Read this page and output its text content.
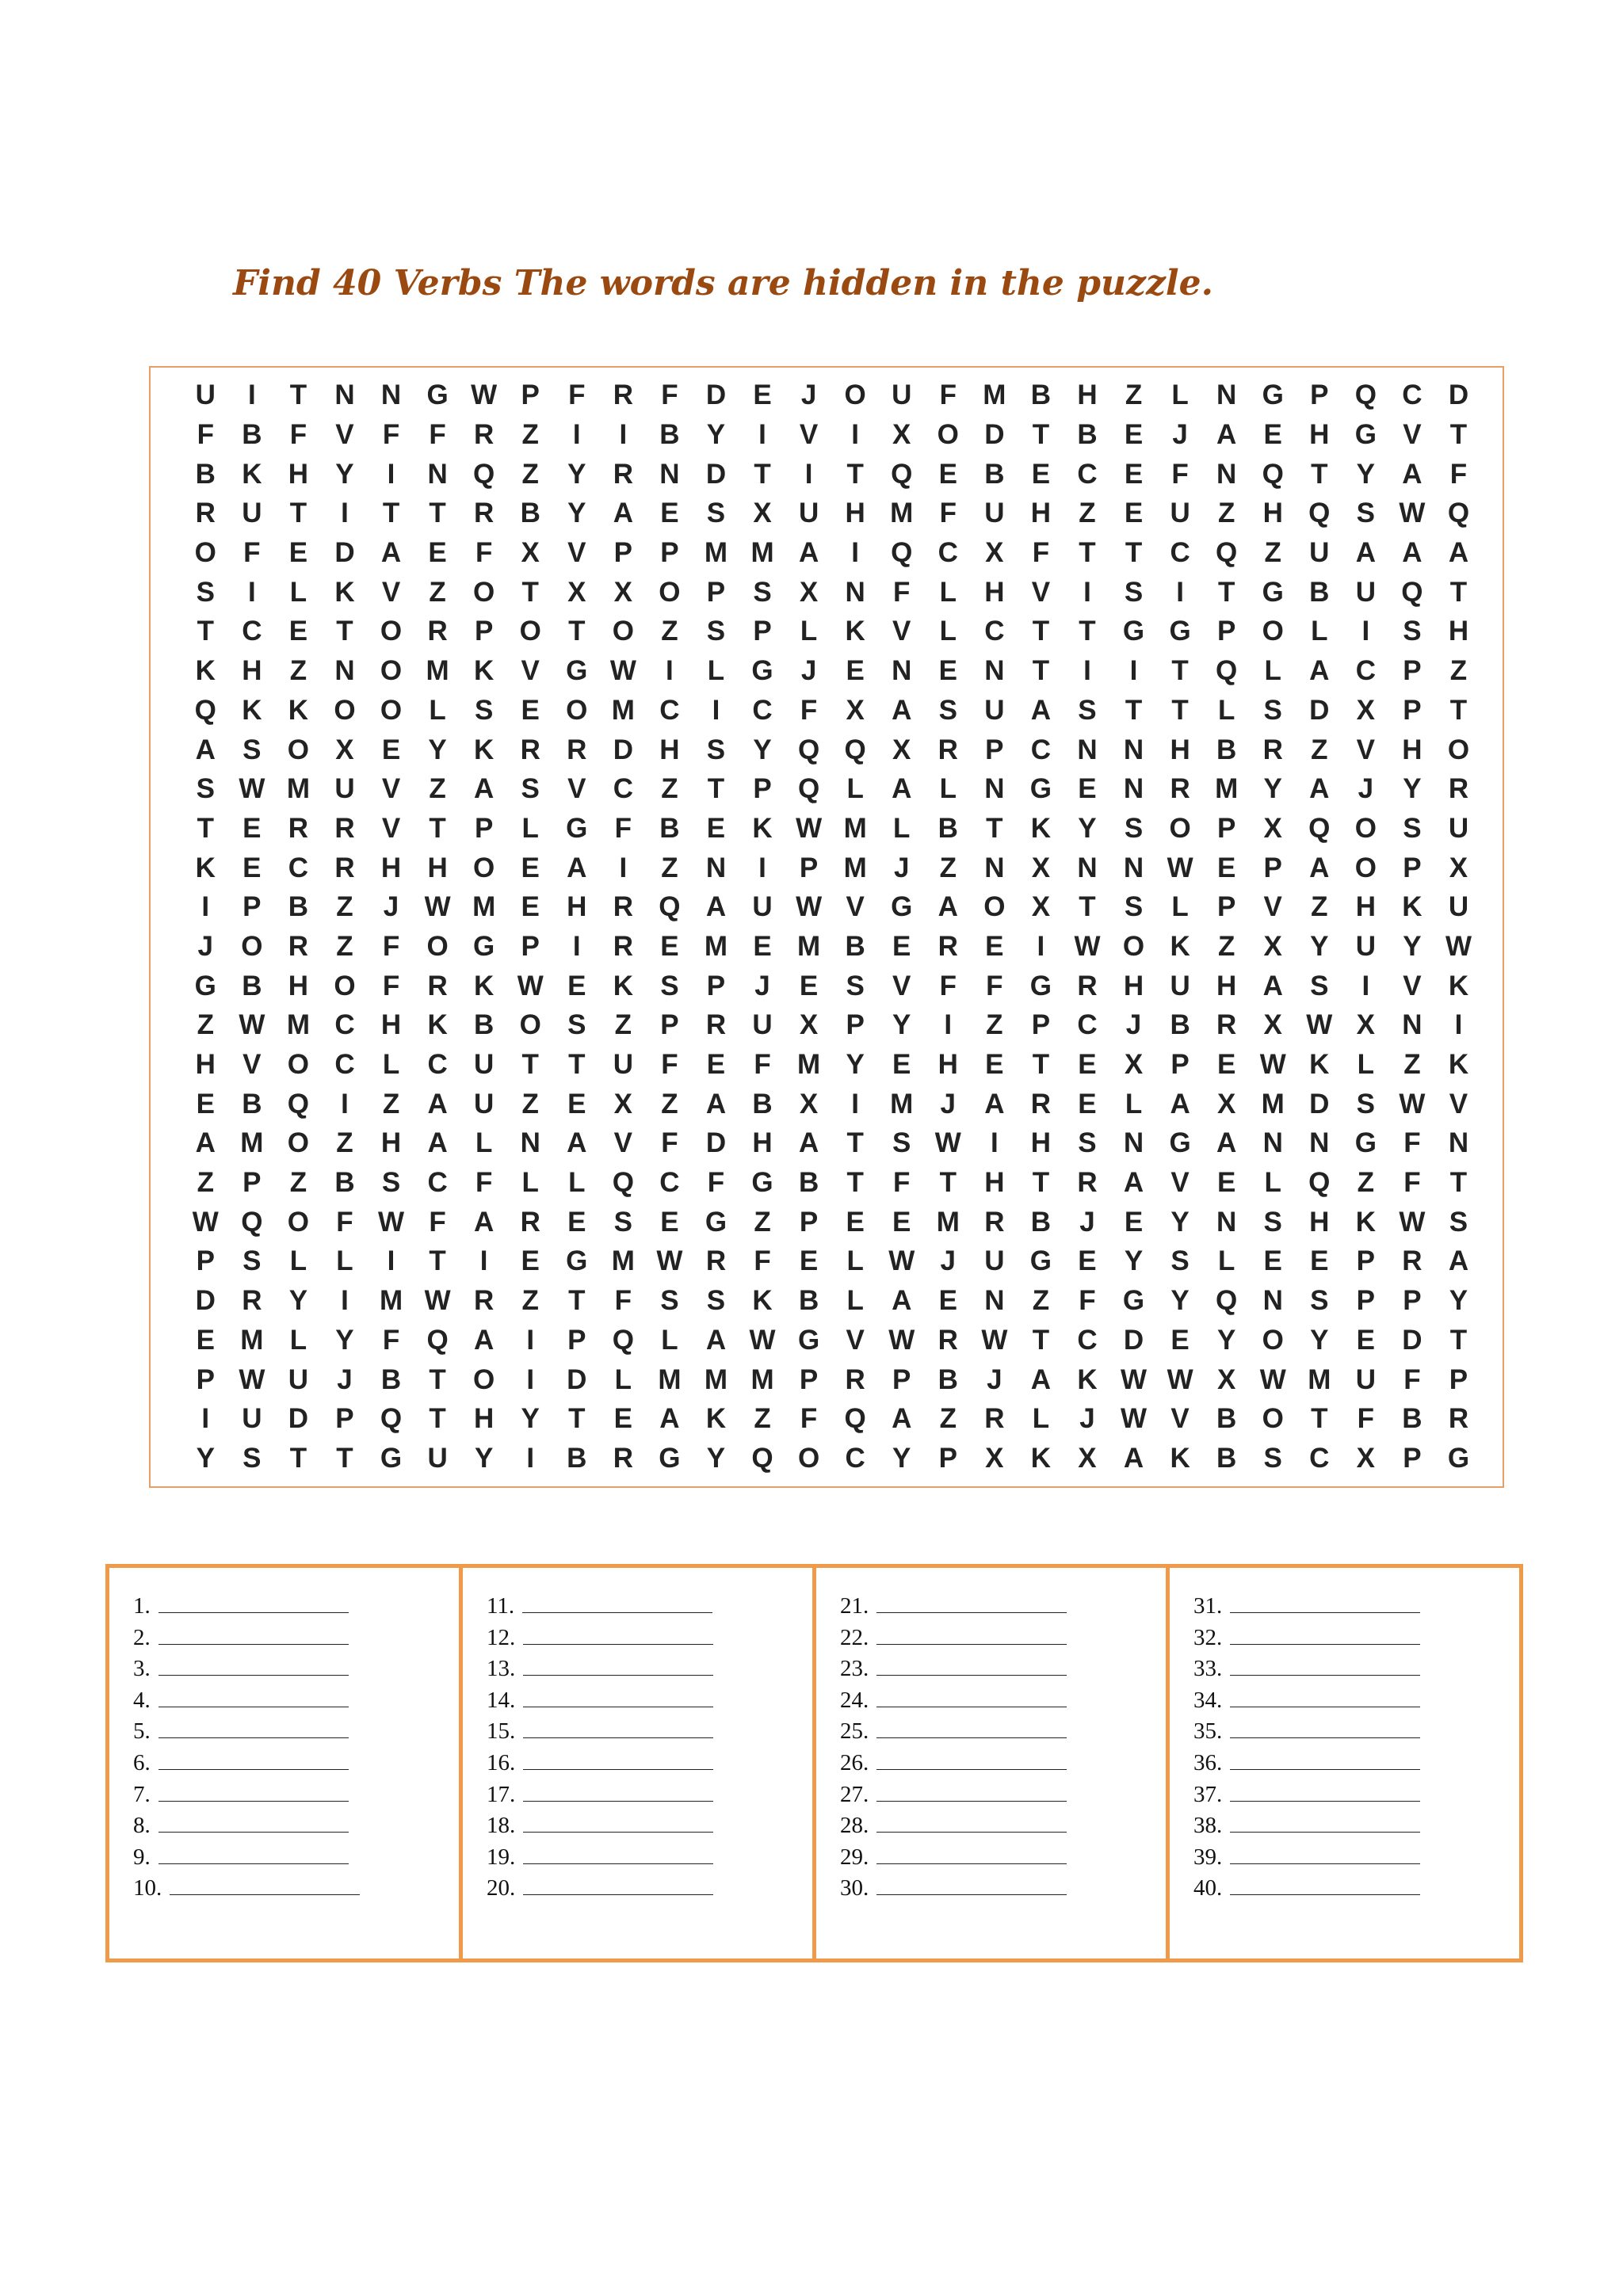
Find 40 Verbs The words are hidden in the puzzle.
U	I	T	N N G W P	F	R	F	D E	J	O U	F M B H	Z	L	N G P Q C D
F	B	F	V	F	F	R	Z	I	I	B Y	I	V	I	X O D	T	B E	J	A E H G V	T
B K H Y	I	N Q Z	Y R N D	T	I	T Q E B E C E	F	N Q T	Y A	F
R U	T	I	T	T	R B Y A E	S	X U H M F	U H	Z	E U	Z	H Q S W Q
O F	E D A E	F	X	V	P	P M M A	I	Q C X	F	T	T	C Q Z	U A A A
S	I	L	K V	Z O T	X	X O P	S	X N	F	L	H V	I	S	I	T G B U Q T
T	C E	T O R P O T O Z	S	P	L	K V	L	C	T	T G G P O L	I	S H
K H	Z	N O M K V G W	I	L G	J	E N E N	T	I	I	T Q L	A C P	Z
Q K K O O L	S	E O M C	I	C	F	X A S U A S	T	T	L	S D X	P	T
A S O X	E	Y K R R D H S	Y Q Q X R P C N N H B R	Z	V H O
S W M U V	Z	A S	V C	Z	T	P Q L	A	L	N G E N R M Y A	J	Y R
T	E R R V	T	P	L G F	B E K W M L	B	T	K Y	S O P	X Q O S U
K E C R H H O E A	I	Z	N	I	P M J	Z	N X N N W E	P A O P	X
I	P B	Z	J W M E H R Q A U W V G A O X	T	S	L	P	V	Z	H K U
J	O R	Z	F O G P	I	R E M E M B E R E	I	W O K	Z	X	Y U Y W
G B H O F	R K W E K S	P	J	E	S	V	F	F G R H U H A S	I	V K
Z W M C H K B O S	Z	P R U X	P	Y	I	Z	P C	J	B R X W X N	I
H V O C	L	C U	T	T	U	F	E	F M Y	E H E	T	E	X	P	E W K	L	Z	K
E B Q	I	Z	A U	Z	E	X	Z	A B X	I	M J	A R E	L	A X M D S W V
A M O Z	H A	L	N A V	F	D H A	T	S W	I	H S N G A N N G F	N
Z	P	Z	B S C	F	L	L Q C	F G B	T	F	T	H	T	R A V	E	L Q Z	F	T
W Q O F W F	A R E	S	E G Z	P	E	E M R B	J	E	Y N S H K W S
P	S	L	L	I	T	I	E G M W R	F	E	L W J	U G E	Y	S	L	E	E	P R A
D R Y	I	M W R	Z	T	F	S	S K B	L	A E N	Z	F G Y Q N S	P	P	Y
E M L	Y	F Q A	I	P Q L	A W G V W R W T	C D E	Y O Y	E D	T
P W U	J	B	T O	I	D	L M M M P R P B	J	A K W W X W M U	F	P
I	U D P Q T	H Y	T	E A K	Z	F Q A	Z	R	L	J W V B O T	F	B R
Y	S	T	T G U Y	I	B R G Y Q O C Y	P	X K X A K B S C X	P G
1.
2.
3.
4.
5.
6.
7.
8.
9.
10.
11.
12.
13.
14.
15.
16.
17.
18.
19.
20.
21.
22.
23.
24.
25.
26.
27.
28.
29.
30.
31.
32.
33.
34.
35.
36.
37.
38.
39.
40.
